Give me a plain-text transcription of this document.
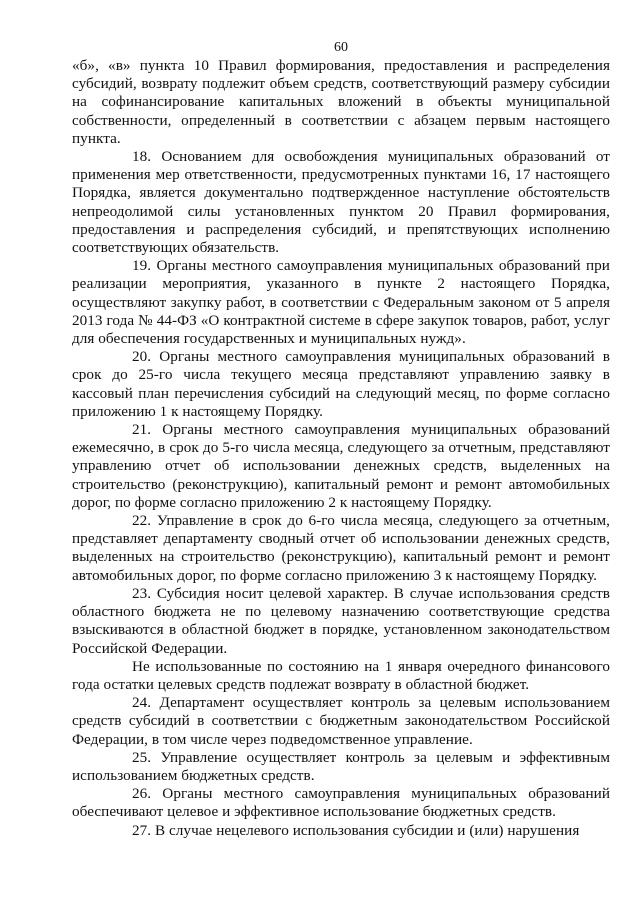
60

«б», «в» пункта 10 Правил формирования, предоставления и распределения субсидий, возврату подлежит объем средств, соответствующий размеру субсидии на софинансирование капитальных вложений в объекты муниципальной собственности, определенный в соответствии с абзацем первым настоящего пункта.

18. Основанием для освобождения муниципальных образований от применения мер ответственности, предусмотренных пунктами 16, 17 настоящего Порядка, является документально подтвержденное наступление обстоятельств непреодолимой силы установленных пунктом 20 Правил формирования, предоставления и распределения субсидий, и препятствующих исполнению соответствующих обязательств.

19. Органы местного самоуправления муниципальных образований при реализации мероприятия, указанного в пункте 2 настоящего Порядка, осуществляют закупку работ, в соответствии с Федеральным законом от 5 апреля 2013 года № 44-ФЗ «О контрактной системе в сфере закупок товаров, работ, услуг для обеспечения государственных и муниципальных нужд».

20. Органы местного самоуправления муниципальных образований в срок до 25-го числа текущего месяца представляют управлению заявку в кассовый план перечисления субсидий на следующий месяц, по форме согласно приложению 1 к настоящему Порядку.

21. Органы местного самоуправления муниципальных образований ежемесячно, в срок до 5-го числа месяца, следующего за отчетным, представляют управлению отчет об использовании денежных средств, выделенных на строительство (реконструкцию), капитальный ремонт и ремонт автомобильных дорог, по форме согласно приложению 2 к настоящему Порядку.

22. Управление в срок до 6-го числа месяца, следующего за отчетным, представляет департаменту сводный отчет об использовании денежных средств, выделенных на строительство (реконструкцию), капитальный ремонт и ремонт автомобильных дорог, по форме согласно приложению 3 к настоящему Порядку.

23. Субсидия носит целевой характер. В случае использования средств областного бюджета не по целевому назначению соответствующие средства взыскиваются в областной бюджет в порядке, установленном законодательством Российской Федерации.

Не использованные по состоянию на 1 января очередного финансового года остатки целевых средств подлежат возврату в областной бюджет.

24. Департамент осуществляет контроль за целевым использованием средств субсидий в соответствии с бюджетным законодательством Российской Федерации, в том числе через подведомственное управление.

25. Управление осуществляет контроль за целевым и эффективным использованием бюджетных средств.

26. Органы местного самоуправления муниципальных образований обеспечивают целевое и эффективное использование бюджетных средств.

27. В случае нецелевого использования субсидии и (или) нарушения
